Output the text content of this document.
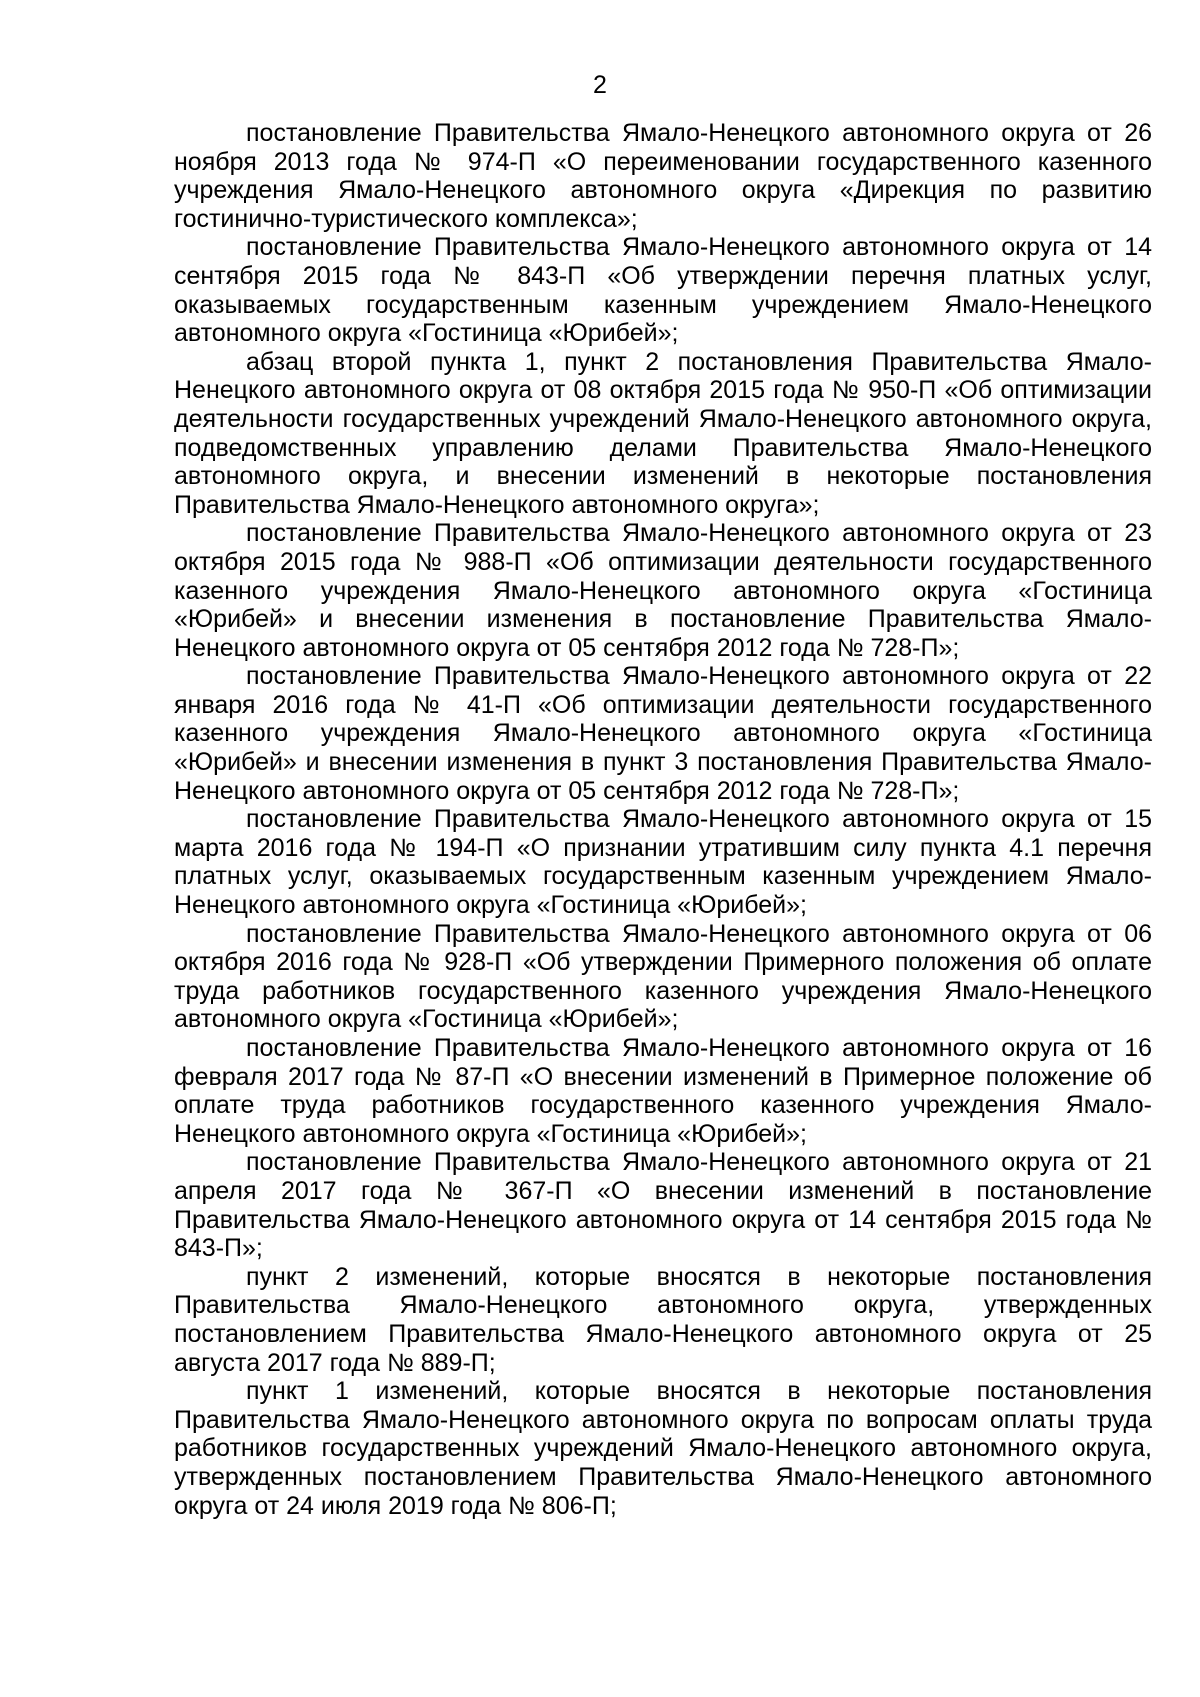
2

постановление Правительства Ямало-Ненецкого автономного округа от 26 ноября 2013 года № 974-П «О переименовании государственного казенного учреждения Ямало-Ненецкого автономного округа «Дирекция по развитию гостинично-туристического комплекса»;

постановление Правительства Ямало-Ненецкого автономного округа от 14 сентября 2015 года № 843-П «Об утверждении перечня платных услуг, оказываемых государственным казенным учреждением Ямало-Ненецкого автономного округа «Гостиница «Юрибей»;

абзац второй пункта 1, пункт 2 постановления Правительства Ямало-Ненецкого автономного округа от 08 октября 2015 года № 950-П «Об оптимизации деятельности государственных учреждений Ямало-Ненецкого автономного округа, подведомственных управлению делами Правительства Ямало-Ненецкого автономного округа, и внесении изменений в некоторые постановления Правительства Ямало-Ненецкого автономного округа»;

постановление Правительства Ямало-Ненецкого автономного округа от 23 октября 2015 года № 988-П «Об оптимизации деятельности государственного казенного учреждения Ямало-Ненецкого автономного округа «Гостиница «Юрибей» и внесении изменения в постановление Правительства Ямало-Ненецкого автономного округа от 05 сентября 2012 года № 728-П»;

постановление Правительства Ямало-Ненецкого автономного округа от 22 января 2016 года № 41-П «Об оптимизации деятельности государственного казенного учреждения Ямало-Ненецкого автономного округа «Гостиница «Юрибей» и внесении изменения в пункт 3 постановления Правительства Ямало-Ненецкого автономного округа от 05 сентября 2012 года № 728-П»;

постановление Правительства Ямало-Ненецкого автономного округа от 15 марта 2016 года № 194-П «О признании утратившим силу пункта 4.1 перечня платных услуг, оказываемых государственным казенным учреждением Ямало-Ненецкого автономного округа «Гостиница «Юрибей»;

постановление Правительства Ямало-Ненецкого автономного округа от 06 октября 2016 года № 928-П «Об утверждении Примерного положения об оплате труда работников государственного казенного учреждения Ямало-Ненецкого автономного округа «Гостиница «Юрибей»;

постановление Правительства Ямало-Ненецкого автономного округа от 16 февраля 2017 года № 87-П «О внесении изменений в Примерное положение об оплате труда работников государственного казенного учреждения Ямало-Ненецкого автономного округа «Гостиница «Юрибей»;

постановление Правительства Ямало-Ненецкого автономного округа от 21 апреля 2017 года № 367-П «О внесении изменений в постановление Правительства Ямало-Ненецкого автономного округа от 14 сентября 2015 года № 843-П»;

пункт 2 изменений, которые вносятся в некоторые постановления Правительства Ямало-Ненецкого автономного округа, утвержденных постановлением Правительства Ямало-Ненецкого автономного округа от 25 августа 2017 года № 889-П;

пункт 1 изменений, которые вносятся в некоторые постановления Правительства Ямало-Ненецкого автономного округа по вопросам оплаты труда работников государственных учреждений Ямало-Ненецкого автономного округа, утвержденных постановлением Правительства Ямало-Ненецкого автономного округа от 24 июля 2019 года № 806-П;
